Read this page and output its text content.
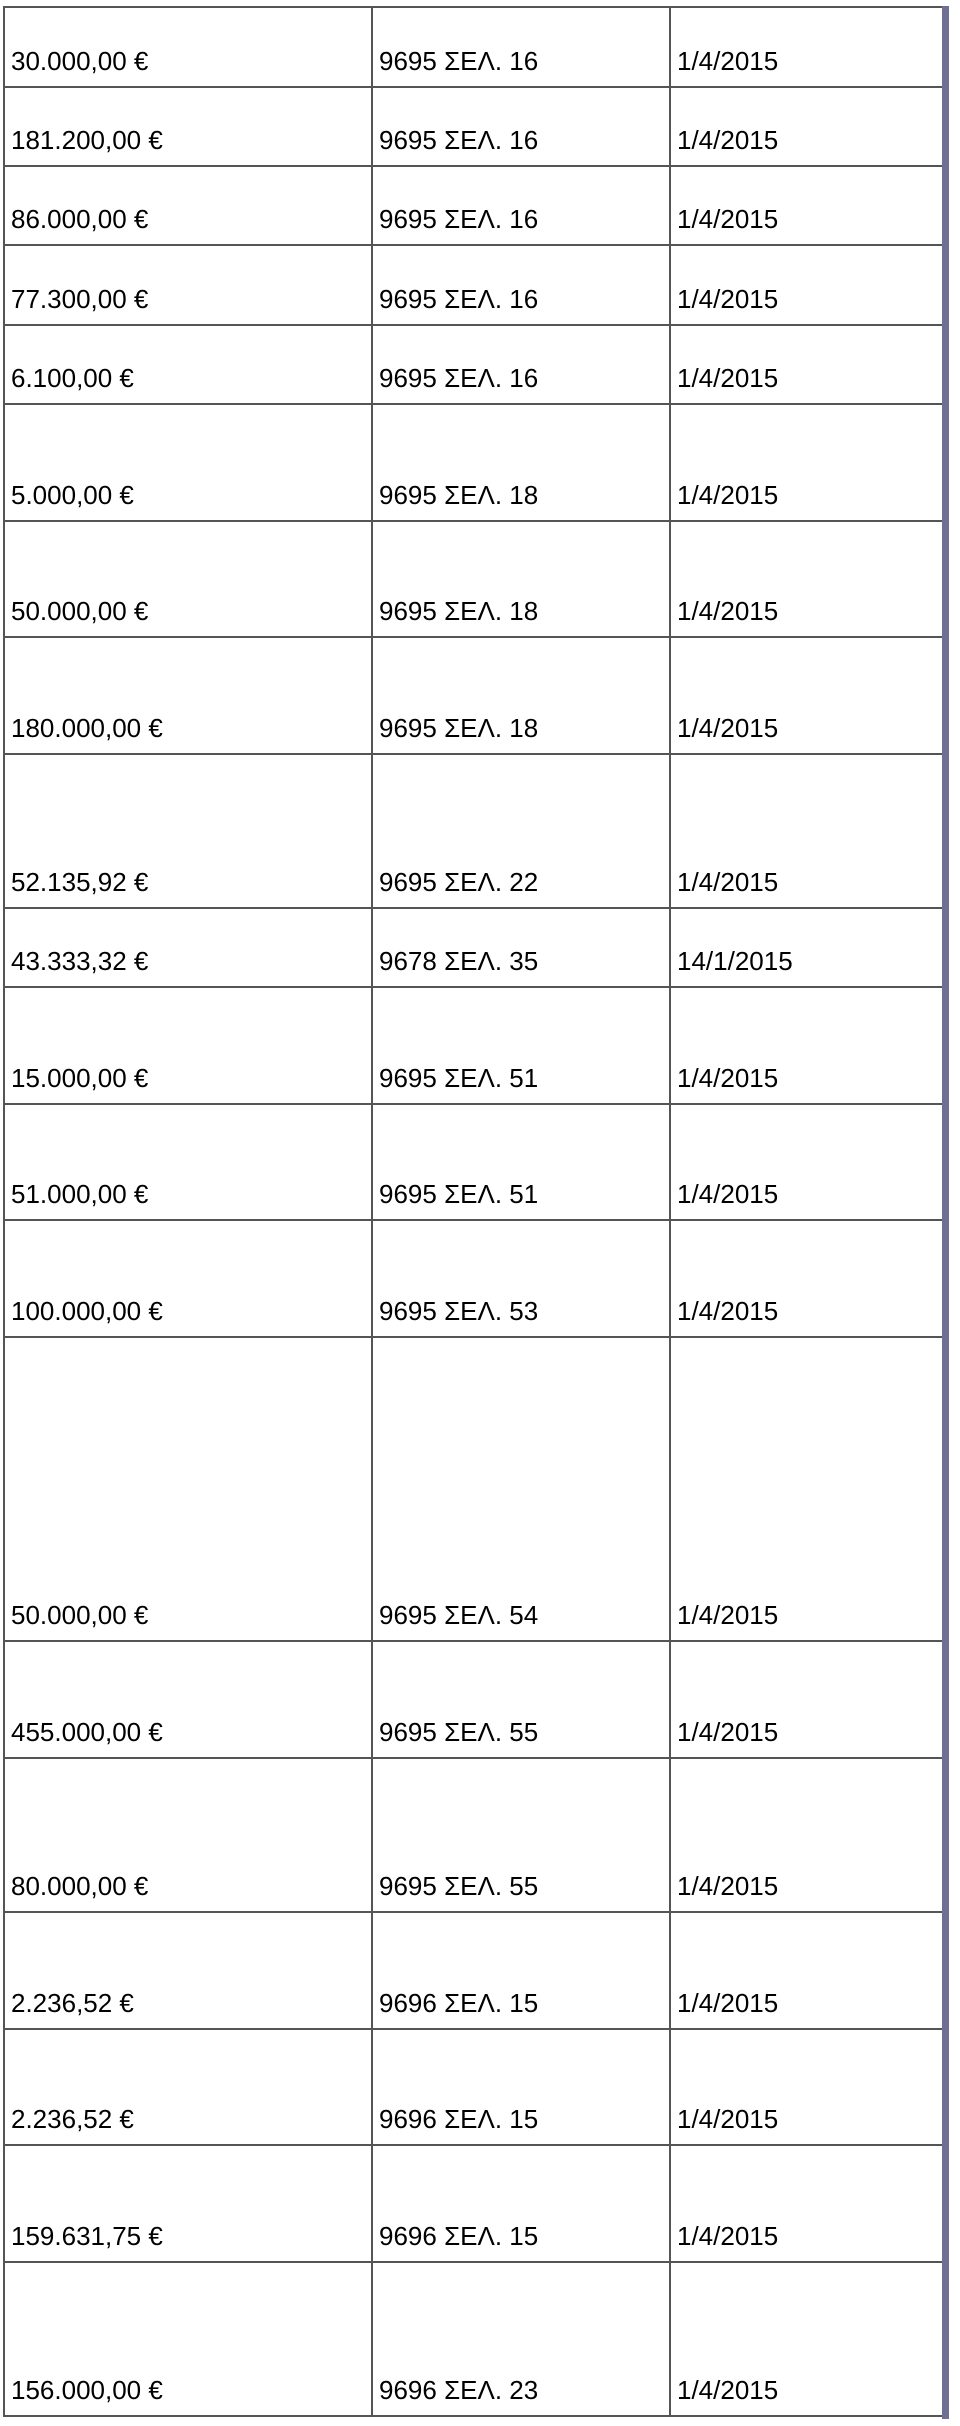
30.000,00 €	9695 ΣΕΛ. 16	1/4/2015
181.200,00 €	9695 ΣΕΛ. 16	1/4/2015
86.000,00 €	9695 ΣΕΛ. 16	1/4/2015
77.300,00 €	9695 ΣΕΛ. 16	1/4/2015
6.100,00 €	9695 ΣΕΛ. 16	1/4/2015
5.000,00 €	9695 ΣΕΛ. 18	1/4/2015
50.000,00 €	9695 ΣΕΛ. 18	1/4/2015
180.000,00 €	9695 ΣΕΛ. 18	1/4/2015
52.135,92 €	9695 ΣΕΛ. 22	1/4/2015
43.333,32 €	9678 ΣΕΛ. 35	14/1/2015
15.000,00 €	9695 ΣΕΛ. 51	1/4/2015
51.000,00 €	9695 ΣΕΛ. 51	1/4/2015
100.000,00 €	9695 ΣΕΛ. 53	1/4/2015
50.000,00 €	9695 ΣΕΛ. 54	1/4/2015
455.000,00 €	9695 ΣΕΛ. 55	1/4/2015
80.000,00 €	9695 ΣΕΛ. 55	1/4/2015
2.236,52 €	9696 ΣΕΛ. 15	1/4/2015
2.236,52 €	9696 ΣΕΛ. 15	1/4/2015
159.631,75 €	9696 ΣΕΛ. 15	1/4/2015
156.000,00 €	9696 ΣΕΛ. 23	1/4/2015
